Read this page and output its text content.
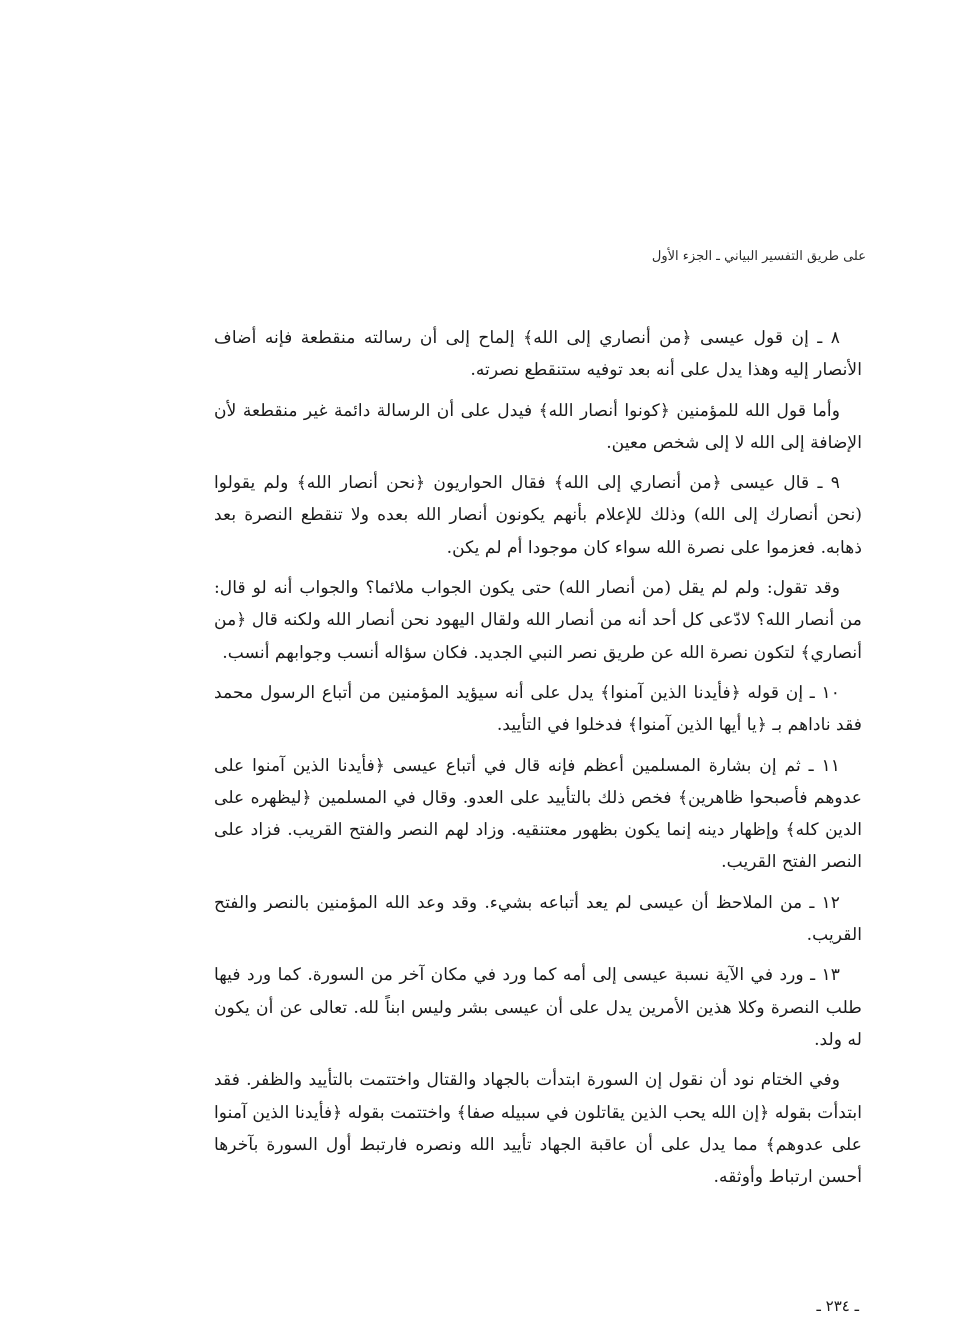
على طريق التفسير البياني ـ الجزء الأول

٨ ـ إن قول عيسى ﴿من أنصاري إلى الله﴾ إلماح إلى أن رسالته منقطعة فإنه أضاف الأنصار إليه وهذا يدل على أنه بعد توفيه ستنقطع نصرته.

وأما قول الله للمؤمنين ﴿كونوا أنصار الله﴾ فيدل على أن الرسالة دائمة غير منقطعة لأن الإضافة إلى الله لا إلى شخص معين.

٩ ـ قال عيسى ﴿من أنصاري إلى الله﴾ فقال الحواريون ﴿نحن أنصار الله﴾ ولم يقولوا (نحن أنصارك إلى الله) وذلك للإعلام بأنهم يكونون أنصار الله بعده ولا تنقطع النصرة بعد ذهابه. فعزموا على نصرة الله سواء كان موجودا أم لم يكن.

وقد تقول: ولم لم يقل (من أنصار الله) حتى يكون الجواب ملائما؟ والجواب أنه لو قال: من أنصار الله؟ لادّعى كل أحد أنه من أنصار الله ولقال اليهود نحن أنصار الله ولكنه قال ﴿من أنصاري﴾ لتكون نصرة الله عن طريق نصر النبي الجديد. فكان سؤاله أنسب وجوابهم أنسب.

١٠ ـ إن قوله ﴿فأيدنا الذين آمنوا﴾ يدل على أنه سيؤيد المؤمنين من أتباع الرسول محمد فقد ناداهم بـ ﴿يا أيها الذين آمنوا﴾ فدخلوا في التأييد.

١١ ـ ثم إن بشارة المسلمين أعظم فإنه قال في أتباع عيسى ﴿فأيدنا الذين آمنوا على عدوهم فأصبحوا ظاهرين﴾ فخص ذلك بالتأييد على العدو. وقال في المسلمين ﴿ليظهره على الدين كله﴾ وإظهار دينه إنما يكون بظهور معتنقيه. وزاد لهم النصر والفتح القريب. فزاد على النصر الفتح القريب.

١٢ ـ من الملاحظ أن عيسى لم يعد أتباعه بشيء. وقد وعد الله المؤمنين بالنصر والفتح القريب.

١٣ ـ ورد في الآية نسبة عيسى إلى أمه كما ورد في مكان آخر من السورة. كما ورد فيها طلب النصرة وكلا هذين الأمرين يدل على أن عيسى بشر وليس ابناً لله. تعالى عن أن يكون له ولد.

وفي الختام نود أن نقول إن السورة ابتدأت بالجهاد والقتال واختتمت بالتأييد والظفر. فقد ابتدأت بقوله ﴿إن الله يحب الذين يقاتلون في سبيله صفا﴾ واختتمت بقوله ﴿فأيدنا الذين آمنوا على عدوهم﴾ مما يدل على أن عاقبة الجهاد تأييد الله ونصره فارتبط أول السورة بآخرها أحسن ارتباط وأوثقه.

ـ ٢٣٤ ـ
